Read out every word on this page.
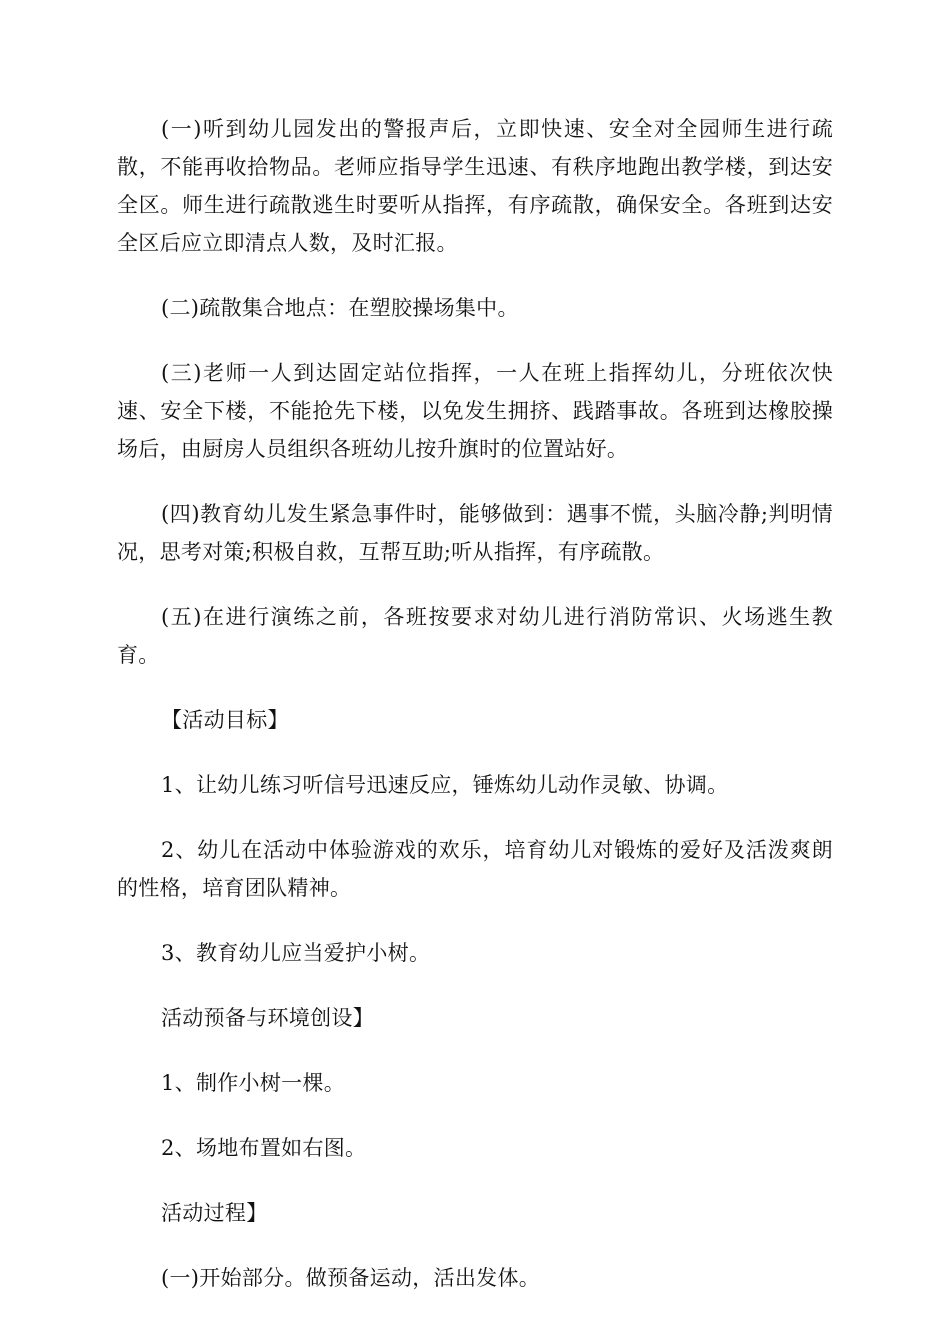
(一)听到幼儿园发出的警报声后，立即快速、安全对全园师生进行疏散，不能再收拾物品。老师应指导学生迅速、有秩序地跑出教学楼，到达安全区。师生进行疏散逃生时要听从指挥，有序疏散，确保安全。各班到达安全区后应立即清点人数，及时汇报。

(二)疏散集合地点：在塑胶操场集中。

(三)老师一人到达固定站位指挥，一人在班上指挥幼儿，分班依次快速、安全下楼，不能抢先下楼，以免发生拥挤、践踏事故。各班到达橡胶操场后，由厨房人员组织各班幼儿按升旗时的位置站好。

(四)教育幼儿发生紧急事件时，能够做到：遇事不慌，头脑冷静;判明情况，思考对策;积极自救，互帮互助;听从指挥，有序疏散。

(五)在进行演练之前，各班按要求对幼儿进行消防常识、火场逃生教育。

【活动目标】

1、让幼儿练习听信号迅速反应，锤炼幼儿动作灵敏、协调。

2、幼儿在活动中体验游戏的欢乐，培育幼儿对锻炼的爱好及活泼爽朗的性格，培育团队精神。

3、教育幼儿应当爱护小树。

活动预备与环境创设】

1、制作小树一棵。

2、场地布置如右图。

活动过程】

(一)开始部分。做预备运动，活出发体。
